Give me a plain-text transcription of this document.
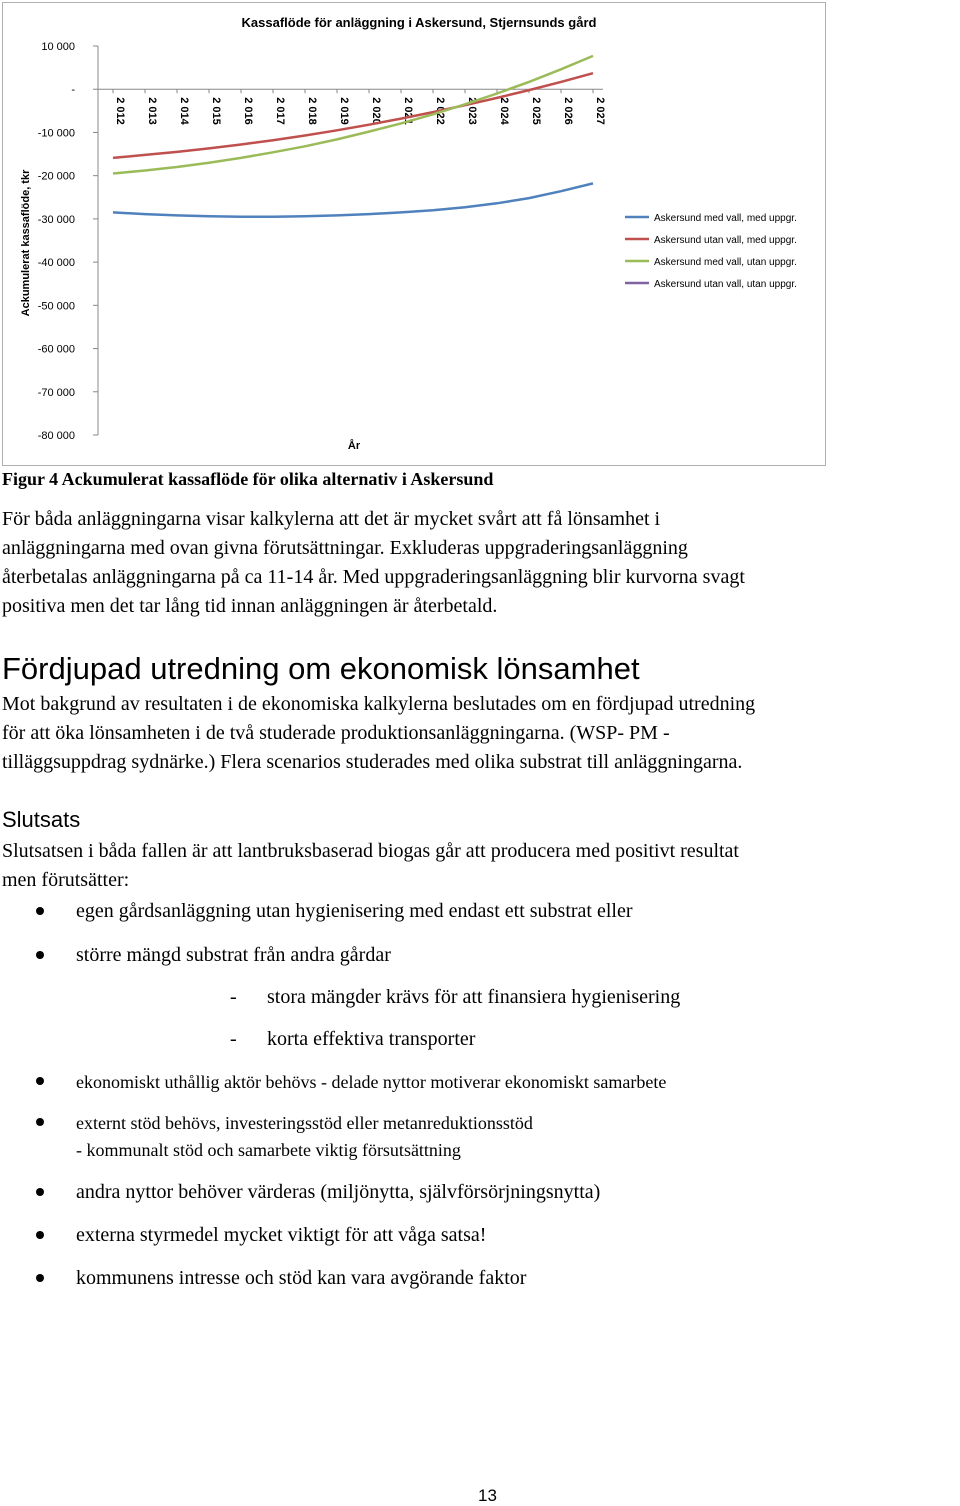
Kassaflöde för anläggning i Askersund, Stjernsunds gård
10 000
-
-10 000
-20 000
-30 000
-40 000
-50 000
-60 000
-70 000
-80 000
2 012 2 013 2 014 2 015 2 016 2 017 2 018 2 019 2 020 2 021 2 022 2 023 2 024 2 025 2 026 2 027
Askersund med vall, med uppgr.
Askersund utan vall, med uppgr.
Askersund med vall, utan uppgr.
Askersund utan vall, utan uppgr.
Ackumulerat kassaflöde, tkr
År

Figur 4 Ackumulerat kassaflöde för olika alternativ i Askersund

För båda anläggningarna visar kalkylerna att det är mycket svårt att få lönsamhet i
anläggningarna med ovan givna förutsättningar. Exkluderas uppgraderingsanläggning
återbetalas anläggningarna på ca 11-14 år. Med uppgraderingsanläggning blir kurvorna svagt
positiva men det tar lång tid innan anläggningen är återbetald.

Fördjupad utredning om ekonomisk lönsamhet

Mot bakgrund av resultaten i de ekonomiska kalkylerna beslutades om en fördjupad utredning
för att öka lönsamheten i de två studerade produktionsanläggningarna. (WSP- PM -
tilläggsuppdrag sydnärke.) Flera scenarios studerades med olika substrat till anläggningarna.

Slutsats

Slutsatsen i båda fallen är att lantbruksbaserad biogas går att producera med positivt resultat
men förutsätter:

egen gårdsanläggning utan hygienisering med endast ett substrat eller
större mängd substrat från andra gårdar
- stora mängder krävs för att finansiera hygienisering
- korta effektiva transporter
ekonomiskt uthållig aktör behövs - delade nyttor motiverar ekonomiskt samarbete
externt stöd behövs, investeringsstöd eller metanreduktionsstöd
- kommunalt stöd och samarbete viktig försutsättning
andra nyttor behöver värderas (miljönytta, självförsörjningsnytta)
externa styrmedel mycket viktigt för att våga satsa!
kommunens intresse och stöd kan vara avgörande faktor

13
